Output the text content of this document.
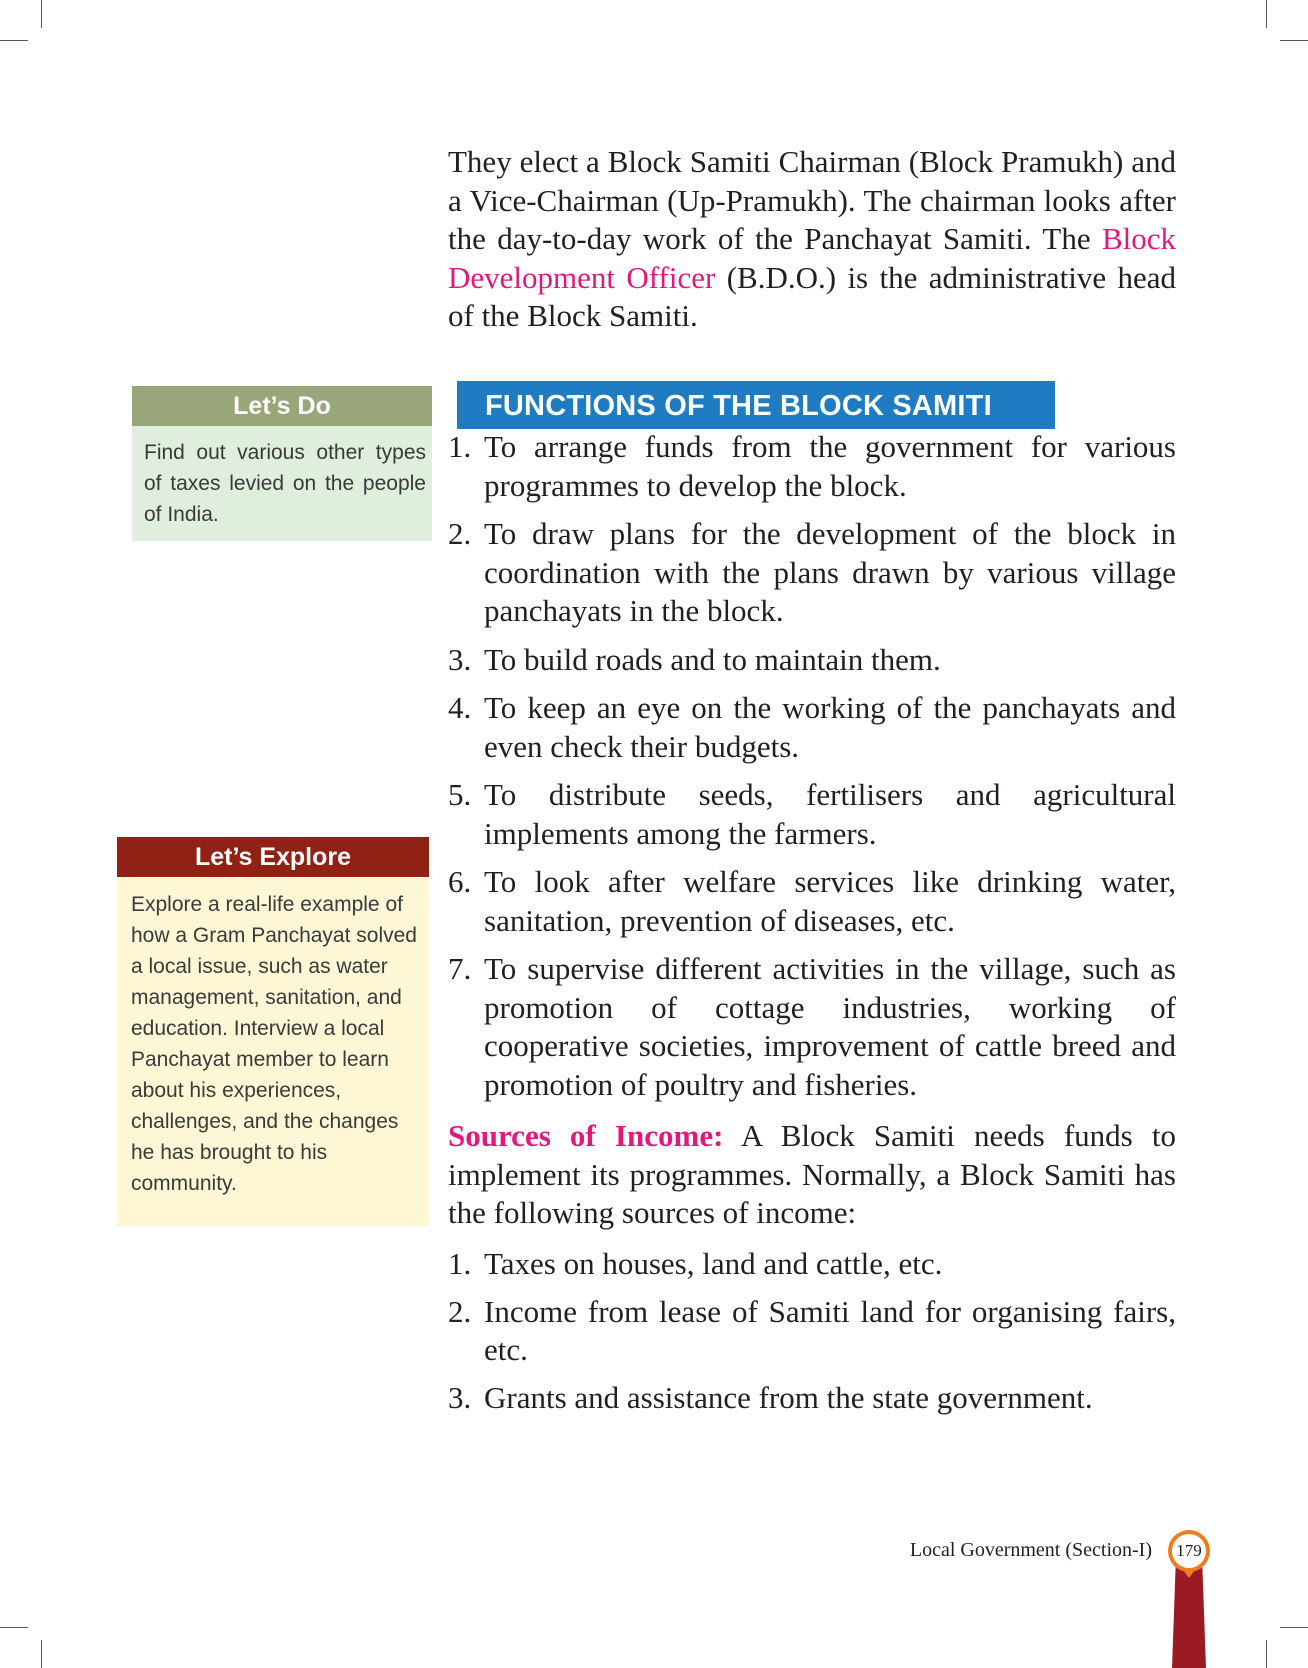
They elect a Block Samiti Chairman (Block Pramukh) and a Vice-Chairman (Up-Pramukh). The chairman looks after the day-to-day work of the Panchayat Samiti. The Block Development Officer (B.D.O.) is the administrative head of the Block Samiti.

FUNCTIONS OF THE BLOCK SAMITI
1. To arrange funds from the government for various programmes to develop the block.
2. To draw plans for the development of the block in coordination with the plans drawn by various village panchayats in the block.
3. To build roads and to maintain them.
4. To keep an eye on the working of the panchayats and even check their budgets.
5. To distribute seeds, fertilisers and agricultural implements among the farmers.
6. To look after welfare services like drinking water, sanitation, prevention of diseases, etc.
7. To supervise different activities in the village, such as promotion of cottage industries, working of cooperative societies, improvement of cattle breed and promotion of poultry and fisheries.

Sources of Income: A Block Samiti needs funds to implement its programmes. Normally, a Block Samiti has the following sources of income:

1. Taxes on houses, land and cattle, etc.
2. Income from lease of Samiti land for organising fairs, etc.
3. Grants and assistance from the state government.
Let’s Do

Find out various other types of taxes levied on the people of India.

Let’s Explore

Explore a real-life example of how a Gram Panchayat solved a local issue, such as water management, sanitation, and education. Interview a local Panchayat member to learn about his experiences, challenges, and the changes he has brought to his community.

Local Government (Section-I)	179
